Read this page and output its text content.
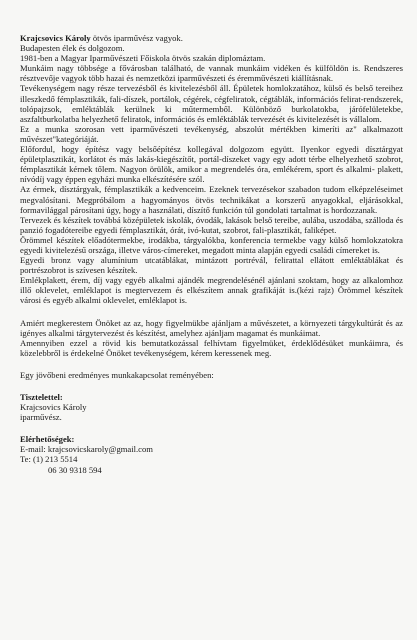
Krajcsovics Károly ötvös iparművész vagyok.

Budapesten élek és dolgozom.

1981-ben a Magyar Iparművészeti Főiskola ötvös szakán diplomáztam.

Munkáim nagy többsége a fővárosban található, de vannak munkáim vidéken és külföldön is. Rendszeres résztvevője vagyok több hazai és nemzetközi iparművészeti és éremművészeti kiállításnak.

Tevékenységem nagy része tervezésből és kivitelezésből áll. Épületek homlokzatához, külső és belső tereihez illeszkedő fémplasztikák, fali-díszek, portálok, cégérek, cégfeliratok, cégtáblák, információs felirat-rendszerek, tolópajzsok, emléktáblák kerülnek ki műtermemből. Különböző burkolatokba, járófelületekbe, aszfaltburkolatba helyezhető feliratok, információs és emléktáblák tervezését és kivitelezését is vállalom.

Ez a munka szorosan vett iparművészeti tevékenység, abszolút mértékben kimeríti az" alkalmazott művészet"kategóriáját.

Előfordul, hogy építész vagy belsőépítész kollegával dolgozom együtt. Ilyenkor egyedi dísztárgyat épületplasztikát, korlátot és más lakás-kiegészítőt, portál-díszeket vagy egy adott térbe elhelyezhető szobrot, fémplasztikát kérnek tőlem. Nagyon örülök, amikor a megrendelés óra, emlékérem, sport és alkalmi- plakett, nívódíj vagy éppen egyházi munka elkészítésére szól.

Az érmek, dísztárgyak, fémplasztikák a kedvenceim. Ezeknek tervezésekor szabadon tudom elképzeléseimet megvalósítani. Megpróbálom a hagyományos ötvös technikákat a korszerű anyagokkal, eljárásokkal, formavilággal párosítani úgy, hogy a használati, díszítő funkción túl gondolati tartalmat is hordozzanak.

Tervezek és készítek továbbá középületek iskolák, óvodák, lakások belső tereibe, aulába, uszodába, szálloda és panzió fogadótereibe egyedi fémplasztikát, órát, ivó-kutat, szobrot, fali-plasztikát, faliképet.

Örömmel készítek előadótermekbe, irodákba, tárgyalókba, konferencia termekbe vagy külső homlokzatokra egyedi kivitelezésű országa, illetve város-címereket, megadott minta alapján egyedi családi címereket is.

Egyedi bronz vagy alumínium utcatáblákat, mintázott portrévál, felirattal ellátott emléktáblákat és portrészobrot is szívesen készítek.

Emlékplakett, érem, díj vagy egyéb alkalmi ajándék megrendelésénél ajánlani szoktam, hogy az alkalomhoz illő oklevelet, emléklapot is megtervezem és elkészítem annak grafikáját is.(kézi rajz) Örömmel készítek városi és egyéb alkalmi oklevelet, emléklapot is.

Amiért megkerestem Önöket az az, hogy figyelmükbe ajánljam a művészetet, a környezeti tárgykultúrát és az igényes alkalmi tárgytervezést és készítést, amelyhez ajánljam magamat és munkáimat.

Amennyiben ezzel a rövid kis bemutatkozással felhívtam figyelmüket, érdeklődésüket munkáimra, és közelebbről is érdekelné Önöket tevékenységem, kérem keressenek meg.

Egy jövőbeni eredményes munkakapcsolat reményében:

Tisztelettel:

Krajcsovics Károly

iparművész.

Elérhetőségek:

E-mail: krajcsovicskaroly@gmail.com

Te: (1) 213 5514

06 30 9318 594
